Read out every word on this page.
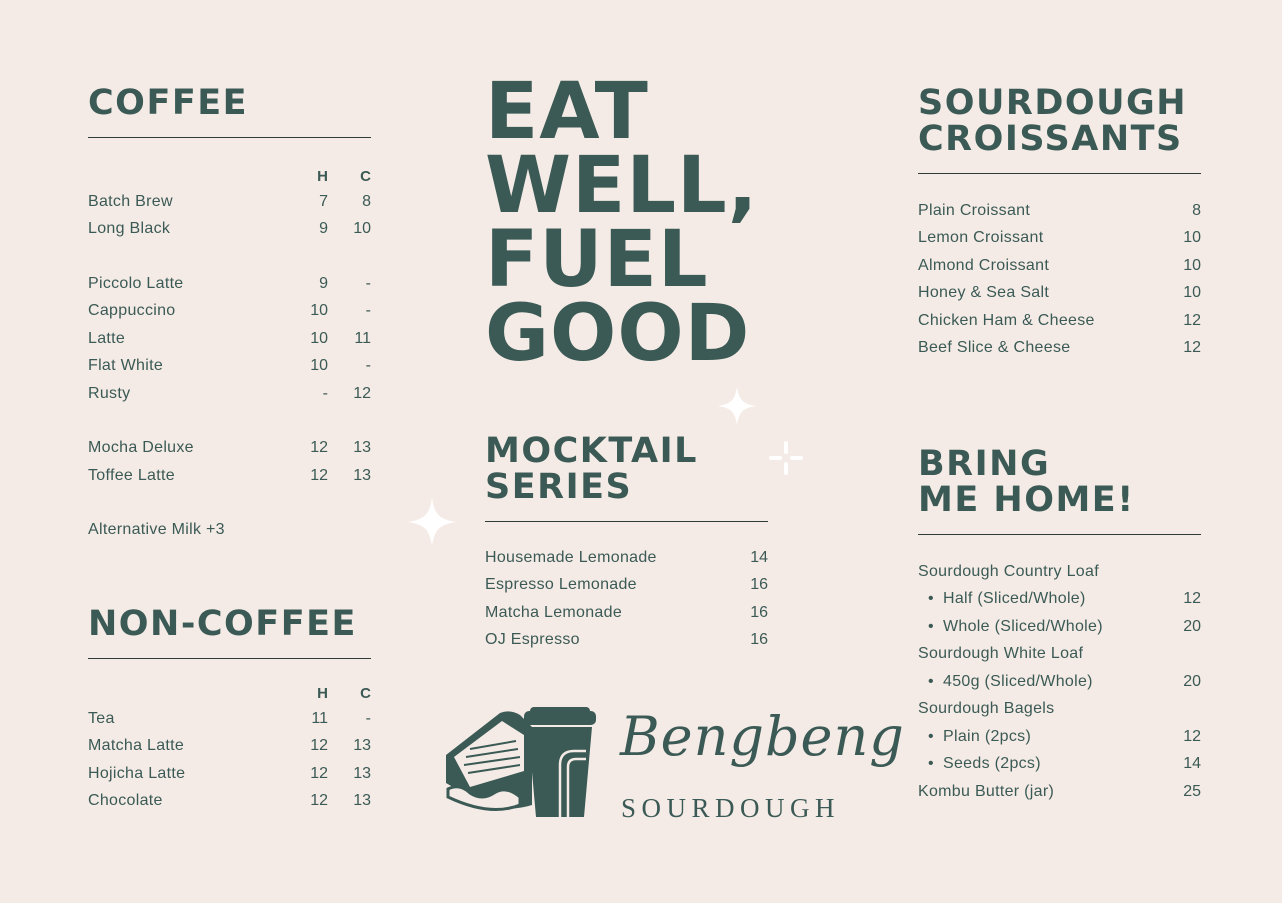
COFFEE
H	C
Batch Brew	7	8
Long Black	9	10
Piccolo Latte	9	-
Cappuccino	10	-
Latte	10	11
Flat White	10	-
Rusty	-	12
Mocha Deluxe	12	13
Toffee Latte	12	13
Alternative Milk +3
NON-COFFEE
H	C
Tea	11	-
Matcha Latte	12	13
Hojicha Latte	12	13
Chocolate	12	13
EAT
WELL,
FUEL
GOOD
MOCKTAIL
SERIES
Housemade Lemonade	14
Espresso Lemonade	16
Matcha Lemonade	16
OJ Espresso	16
SOURDOUGH
CROISSANTS
Plain Croissant	8
Lemon Croissant	10
Almond Croissant	10
Honey & Sea Salt	10
Chicken Ham & Cheese	12
Beef Slice & Cheese	12
BRING
ME HOME!
Sourdough Country Loaf
• Half (Sliced/Whole)	12
• Whole (Sliced/Whole)	20
Sourdough White Loaf
• 450g (Sliced/Whole)	20
Sourdough Bagels
• Plain (2pcs)	12
• Seeds (2pcs)	14
Kombu Butter (jar)	25
Bengbeng
SOURDOUGH
